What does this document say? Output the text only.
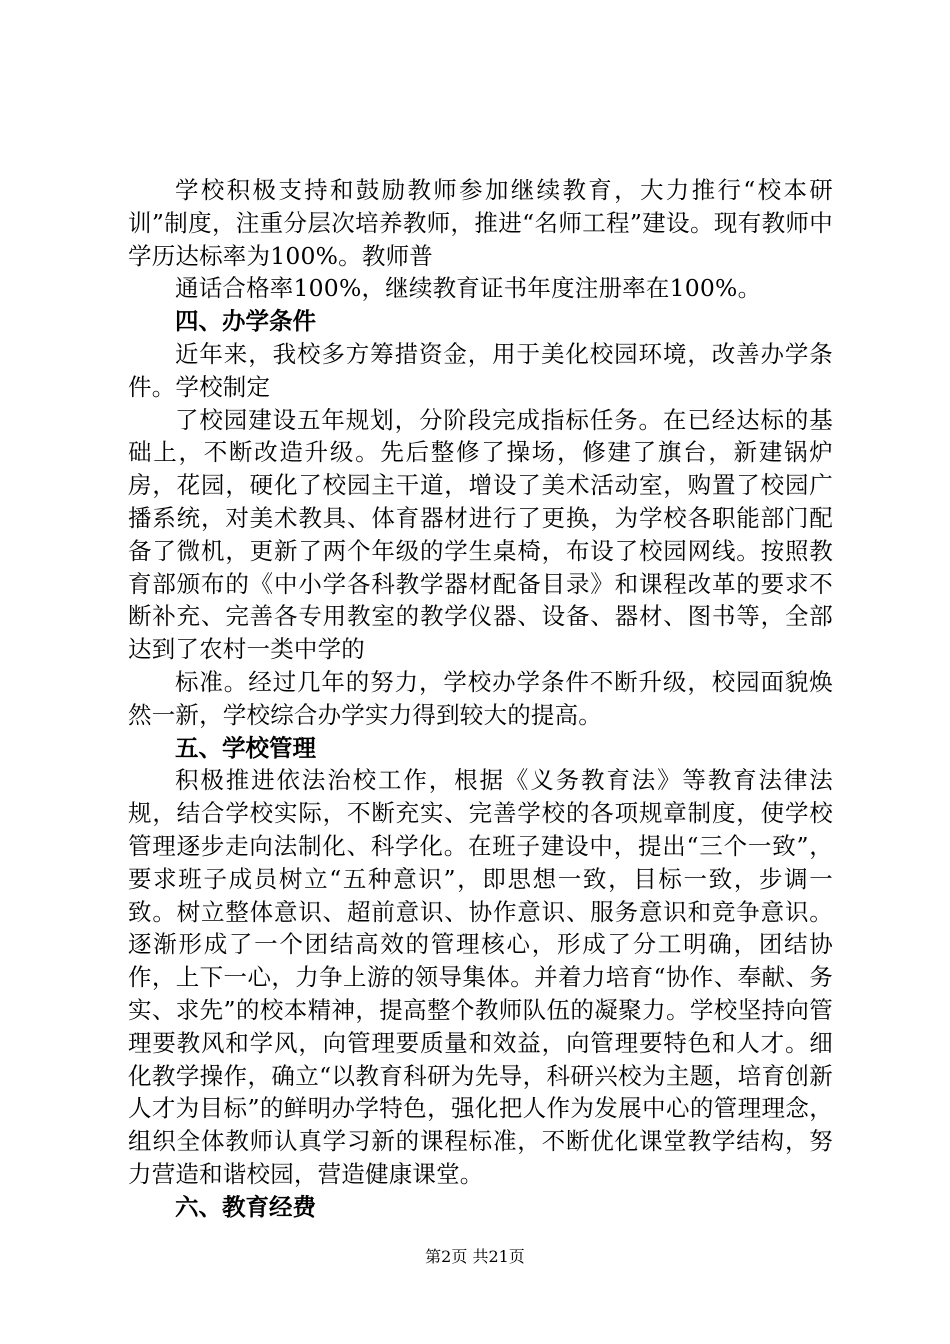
学校积极支持和鼓励教师参加继续教育，大力推行“校本研训”制度，注重分层次培养教师，推进“名师工程”建设。现有教师中学历达标率为100%。教师普

通话合格率100%，继续教育证书年度注册率在100%。

四、办学条件

近年来，我校多方筹措资金，用于美化校园环境，改善办学条件。学校制定

了校园建设五年规划，分阶段完成指标任务。在已经达标的基础上，不断改造升级。先后整修了操场，修建了旗台，新建锅炉房，花园，硬化了校园主干道，增设了美术活动室，购置了校园广播系统，对美术教具、体育器材进行了更换，为学校各职能部门配备了微机，更新了两个年级的学生桌椅，布设了校园网线。按照教育部颁布的《中小学各科教学器材配备目录》和课程改革的要求不断补充、完善各专用教室的教学仪器、设备、器材、图书等，全部达到了农村一类中学的

标准。经过几年的努力，学校办学条件不断升级，校园面貌焕然一新，学校综合办学实力得到较大的提高。

五、学校管理

积极推进依法治校工作，根据《义务教育法》等教育法律法规，结合学校实际，不断充实、完善学校的各项规章制度，使学校管理逐步走向法制化、科学化。在班子建设中，提出“三个一致”，要求班子成员树立“五种意识”，即思想一致，目标一致，步调一致。树立整体意识、超前意识、协作意识、服务意识和竞争意识。逐渐形成了一个团结高效的管理核心，形成了分工明确，团结协作，上下一心，力争上游的领导集体。并着力培育“协作、奉献、务实、求先”的校本精神，提高整个教师队伍的凝聚力。学校坚持向管理要教风和学风，向管理要质量和效益，向管理要特色和人才。细化教学操作，确立“以教育科研为先导，科研兴校为主题，培育创新人才为目标”的鲜明办学特色，强化把人作为发展中心的管理理念，组织全体教师认真学习新的课程标准，不断优化课堂教学结构，努力营造和谐校园，营造健康课堂。

六、教育经费

第2页 共21页
